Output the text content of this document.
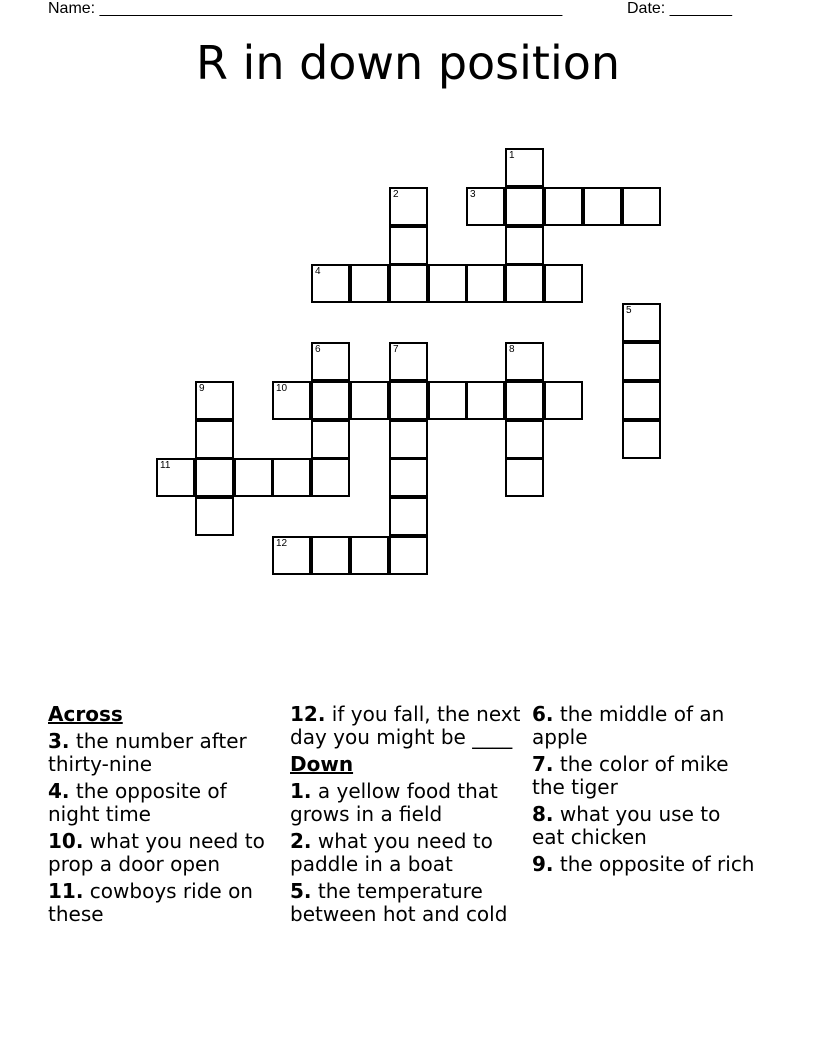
Name: ____________________________________________________	Date: _______
R in down position
1
2	3
4
5
6	7	8
9	10
11
12
Across
3. the number after thirty-nine
4. the opposite of night time
10. what you need to prop a door open
11. cowboys ride on these
12. if you fall, the next day you might be ____
Down
1. a yellow food that grows in a field
2. what you need to paddle in a boat
5. the temperature between hot and cold
6. the middle of an apple
7. the color of mike the tiger
8. what you use to eat chicken
9. the opposite of rich
